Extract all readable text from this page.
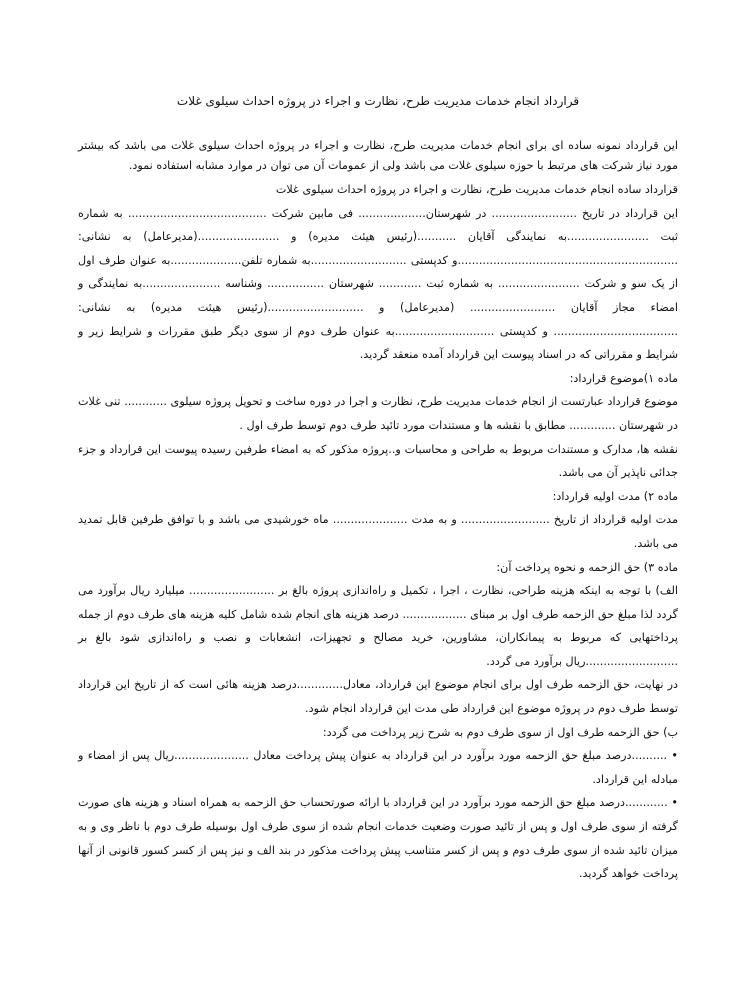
قرارداد انجام خدمات مدیریت طرح، نظارت و اجراء در پروژه احداث سیلوی غلات

این قرارداد نمونه ساده ای برای انجام خدمات مدیریت طرح، نظارت و اجراء در پروژه احداث سیلوی غلات می باشد که بیشتر مورد نیاز شرکت های مرتبط با حوزه سیلوی غلات می باشد ولی از عمومات آن می توان در موارد مشابه استفاده نمود.

قرارداد ساده انجام خدمات مدیریت طرح، نظارت و اجراء در پروژه احداث سیلوی غلات

این قرارداد در تاریخ ........................ در شهرستان................... فی مابین شرکت ....................................... به شماره ثبت .......................به نمایندگی آقایان ...........(رئیس هیئت مدیره) و .......................(مدیرعامل) به نشانی: ..............................................................و کدپستی ...........................به شماره تلفن....................به عنوان طرف اول از یک سو و شرکت ....................... به شماره ثبت ............ شهرستان ................ وشناسه ......................به نمایندگی و امضاء مجاز آقایان ........................ (مدیرعامل) و ...........................(رئیس هیئت مدیره) به نشانی: ................................... و کدپستی ............................به عنوان طرف دوم از سوی دیگر طبق مقررات و شرایط زیر و شرایط و مقرراتی که در اسناد پیوست این قرارداد آمده منعقد گردید.

ماده ۱)موضوع قرارداد:

موضوع قرارداد عبارتست از انجام خدمات مدیریت طرح، نظارت و اجرا در دوره ساخت و تحویل پروژه سیلوی ............ تنی غلات در شهرستان ............. مطابق با نقشه ها و مستندات مورد تائید طرف دوم توسط طرف اول .

نقشه ها، مدارک و مستندات مربوط به طراحی و محاسبات و..پروژه مذکور که به امضاء طرفین رسیده پیوست این قرارداد و جزء جدائی ناپذیر آن می باشد.

ماده ۲) مدت اولیه قرارداد:

مدت اولیه قرارداد از تاریخ ......................... و به مدت ..................... ماه خورشیدی می باشد و با توافق طرفین قابل تمدید می باشد.

ماده ۳) حق الزحمه و نحوه پرداخت آن:

الف) با توجه به اینکه هزینه طراحی، نظارت ، اجرا ، تکمیل و راه‌اندازی پروژه بالغ بر ........................ میلیارد ریال برآورد می گردد لذا مبلغ حق الزحمه طرف اول بر مبنای .................. درصد هزینه های انجام شده شامل کلیه هزینه های طرف دوم از جمله پرداختهایی که مربوط به پیمانکاران، مشاورین، خرید مصالح و تجهیزات، انشعابات و نصب و راه‌اندازی شود بالغ بر ..........................ریال برآورد می گردد.

در نهایت، حق الزحمه طرف اول برای انجام موضوع این قرارداد، معادل.............درصد هزینه هائی است که از تاریخ این قرارداد توسط طرف دوم در پروژه موضوع این قرارداد طی مدت این قرارداد انجام شود.

ب) حق الزحمه طرف اول از سوی طرف دوم به شرح زیر پرداخت می گردد:

• ..........درصد مبلغ حق الزحمه مورد برآورد در این قرارداد به عنوان پیش پرداخت معادل .....................ریال پس از امضاء و مبادله این قرارداد.

• ............درصد مبلغ حق الزحمه مورد برآورد در این قرارداد با ارائه صورتحساب حق الزحمه به همراه اسناد و هزینه های صورت گرفته از سوی طرف اول و پس از تائید صورت وضعیت خدمات انجام شده از سوی طرف اول بوسیله طرف دوم با ناظر وی و به میزان تائید شده از سوی طرف دوم و پس از کسر متناسب پیش پرداخت مذکور در بند الف و نیز پس از کسر کسور قانونی از آنها پرداخت خواهد گردید.
